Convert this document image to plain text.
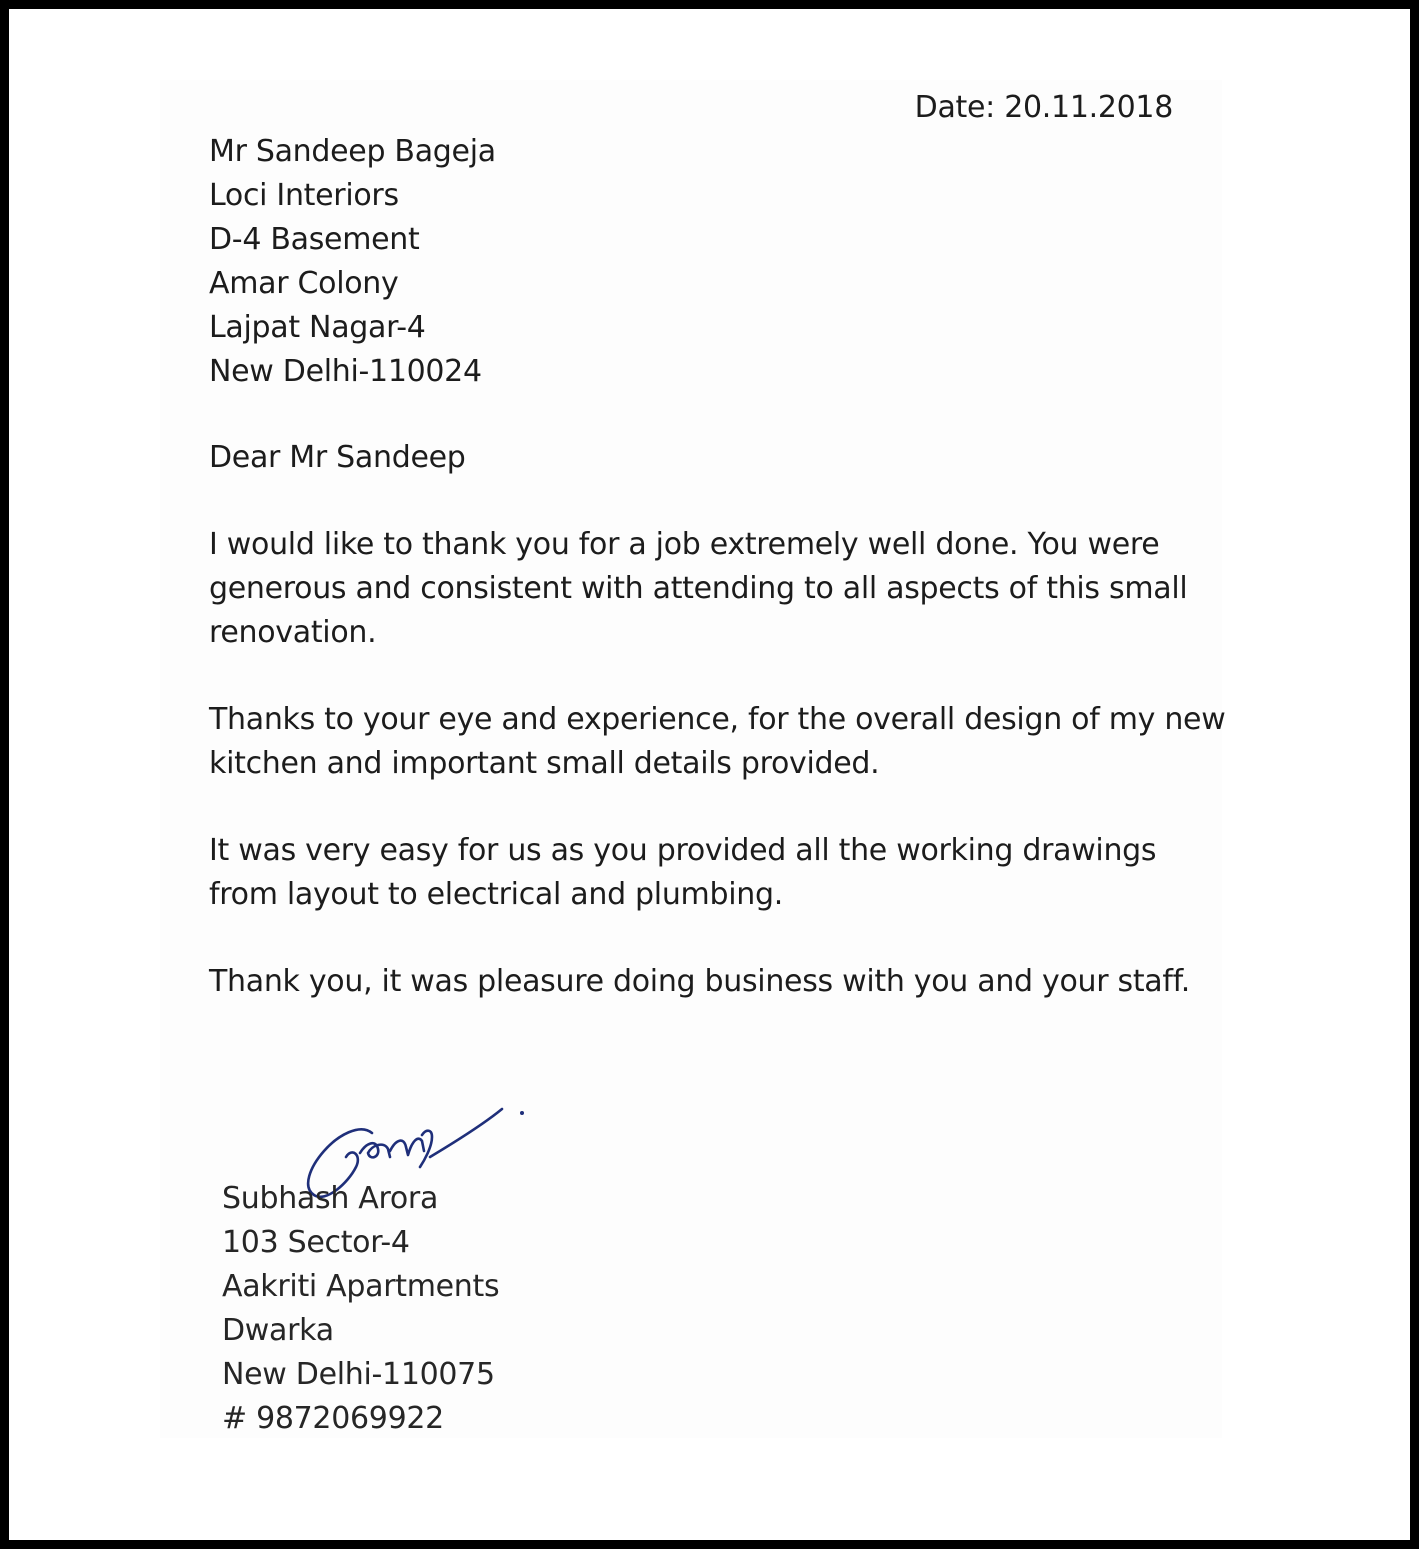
Date: 20.11.2018

Mr Sandeep Bageja
Loci Interiors
D-4 Basement
Amar Colony
Lajpat Nagar-4
New Delhi-110024

Dear Mr Sandeep

I would like to thank you for a job extremely well done. You were generous and consistent with attending to all aspects of this small renovation.

Thanks to your eye and experience, for the overall design of my new kitchen and important small details provided.

It was very easy for us as you provided all the working drawings from layout to electrical and plumbing.

Thank you, it was pleasure doing business with you and your staff.

Subhash Arora
103 Sector-4
Aakriti Apartments
Dwarka
New Delhi-110075
# 9872069922
